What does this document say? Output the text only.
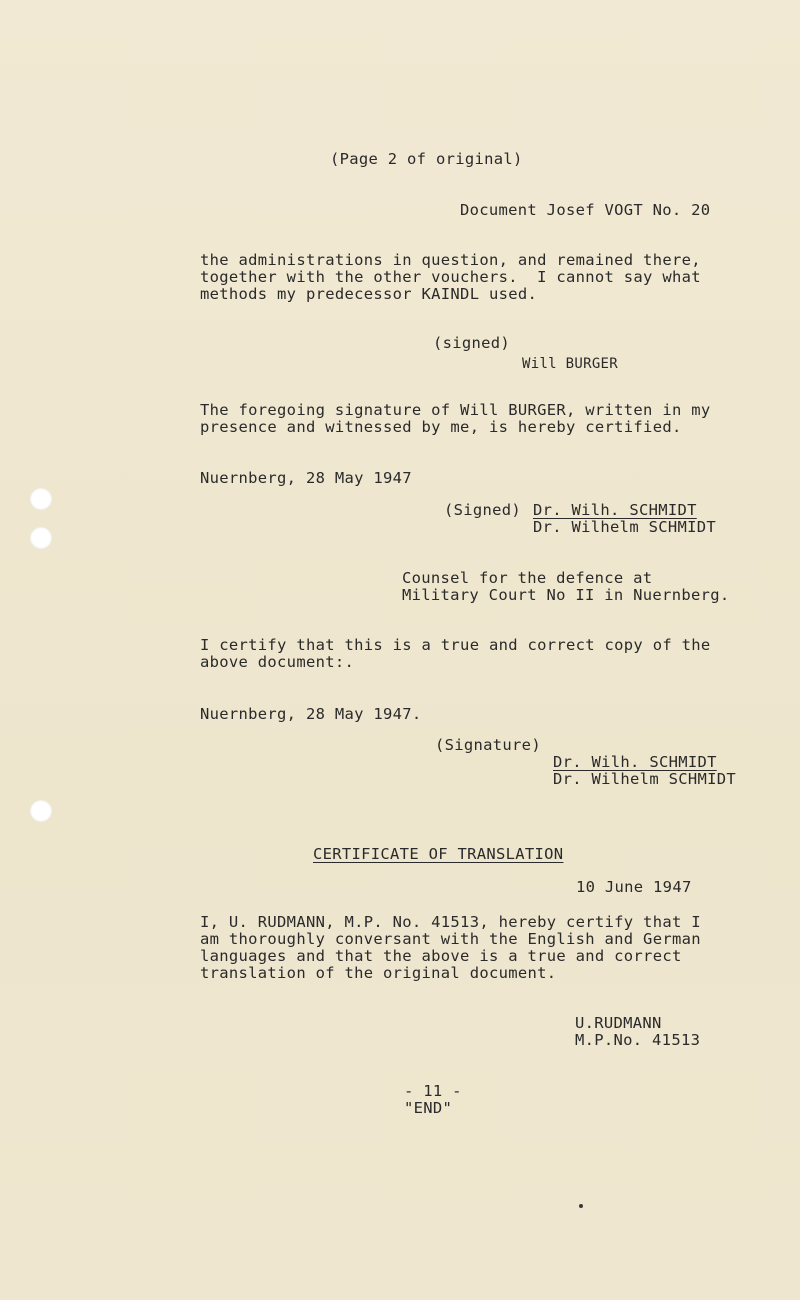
(Page 2 of original)
Document Josef VOGT No. 20
the administrations in question, and remained there,
together with the other vouchers.  I cannot say what
methods my predecessor KAINDL used.
(signed)
Will BURGER
The foregoing signature of Will BURGER, written in my
presence and witnessed by me, is hereby certified.
Nuernberg, 28 May 1947
(Signed) Dr. Wilh. SCHMIDT
Dr. Wilhelm SCHMIDT
Counsel for the defence at
Military Court No II in Nuernberg.
I certify that this is a true and correct copy of the
above document:.
Nuernberg, 28 May 1947.
(Signature)
Dr. Wilh. SCHMIDT
Dr. Wilhelm SCHMIDT
CERTIFICATE OF TRANSLATION
10 June 1947
I, U. RUDMANN, M.P. No. 41513, hereby certify that I
am thoroughly conversant with the English and German
languages and that the above is a true and correct
translation of the original document.
U.RUDMANN
M.P.No. 41513
- 11 -
"END"
